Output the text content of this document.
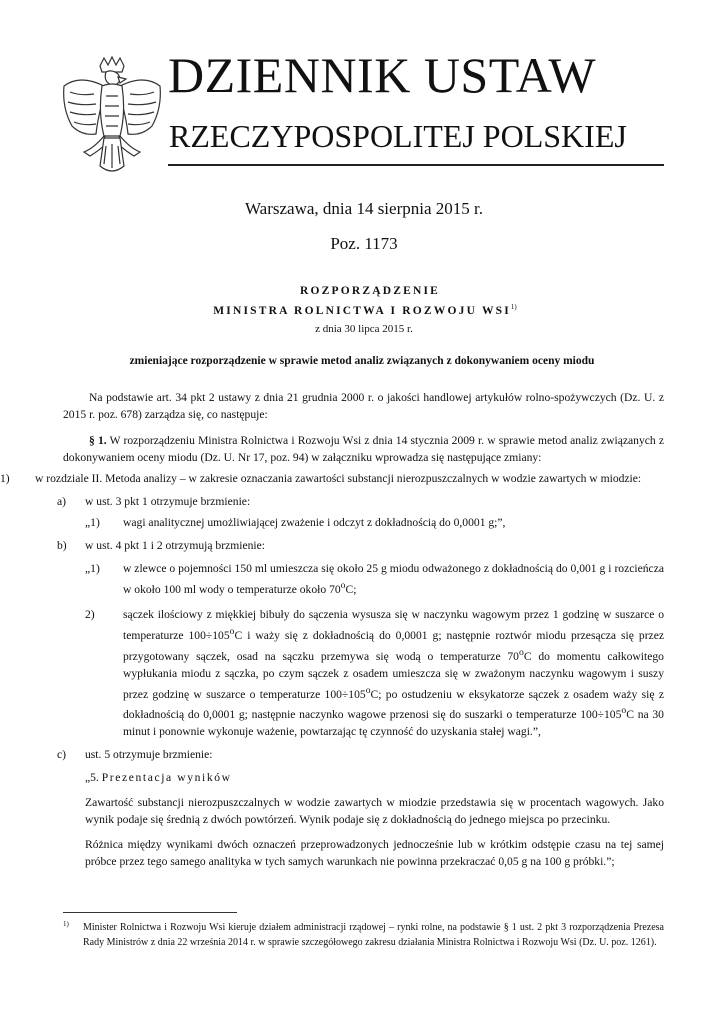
DZIENNIK USTAW
RZECZYPOSPOLITEJ POLSKIEJ
Warszawa, dnia 14 sierpnia 2015 r.
Poz. 1173
ROZPORZĄDZENIE
MINISTRA ROLNICTWA I ROZWOJU WSI$^{1)}$
z dnia 30 lipca 2015 r.
zmieniające rozporządzenie w sprawie metod analiz związanych z dokonywaniem oceny miodu

Na podstawie art. 34 pkt 2 ustawy z dnia 21 grudnia 2000 r. o jakości handlowej artykułów rolno-spożywczych (Dz. U. z 2015 r. poz. 678) zarządza się, co następuje:

§ 1. W rozporządzeniu Ministra Rolnictwa i Rozwoju Wsi z dnia 14 stycznia 2009 r. w sprawie metod analiz związanych z dokonywaniem oceny miodu (Dz. U. Nr 17, poz. 94) w załączniku wprowadza się następujące zmiany:

1) w rozdziale II. Metoda analizy – w zakresie oznaczania zawartości substancji nierozpuszczalnych w wodzie zawartych w miodzie:

a) w ust. 3 pkt 1 otrzymuje brzmienie:

„1) wagi analitycznej umożliwiającej zważenie i odczyt z dokładnością do 0,0001 g;”,

b) w ust. 4 pkt 1 i 2 otrzymują brzmienie:

„1) w zlewce o pojemności 150 ml umieszcza się około 25 g miodu odważonego z dokładnością do 0,001 g i rozcieńcza w około 100 ml wody o temperaturze około 70$^o$C;

2) sączek ilościowy z miękkiej bibuły do sączenia wysusza się w naczynku wagowym przez 1 godzinę w suszarce o temperaturze $100\div 105^oC$ i waży się z dokładnością do 0,0001 g; następnie roztwór miodu przesącza się przez przygotowany sączek, osad na sączku przemywa się wodą o temperaturze 70$^o$C do momentu całkowitego wypłukania miodu z sączka, po czym sączek z osadem umieszcza się w zważonym naczynku wagowym i suszy przez godzinę w suszarce o temperaturze $100\div 105^oC$; po ostudzeniu w eksykatorze sączek z osadem waży się z dokładnością do 0,0001 g; następnie naczynko wagowe przenosi się do suszarki o temperaturze $100\div 105^oC$ na 30 minut i ponownie wykonuje ważenie, powtarzając tę czynność do uzyskania stałej wagi.”,

c) ust. 5 otrzymuje brzmienie:

„5. Prezentacja wyników

Zawartość substancji nierozpuszczalnych w wodzie zawartych w miodzie przedstawia się w procentach wagowych. Jako wynik podaje się średnią z dwóch powtórzeń. Wynik podaje się z dokładnością do jednego miejsca po przecinku.

Różnica między wynikami dwóch oznaczeń przeprowadzonych jednocześnie lub w krótkim odstępie czasu na tej samej próbce przez tego samego analityka w tych samych warunkach nie powinna przekraczać 0,05 g na 100 g próbki.”;

1) Minister Rolnictwa i Rozwoju Wsi kieruje działem administracji rządowej – rynki rolne, na podstawie § 1 ust. 2 pkt 3 rozporządzenia Prezesa Rady Ministrów z dnia 22 września 2014 r. w sprawie szczegółowego zakresu działania Ministra Rolnictwa i Rozwoju Wsi (Dz. U. poz. 1261).
